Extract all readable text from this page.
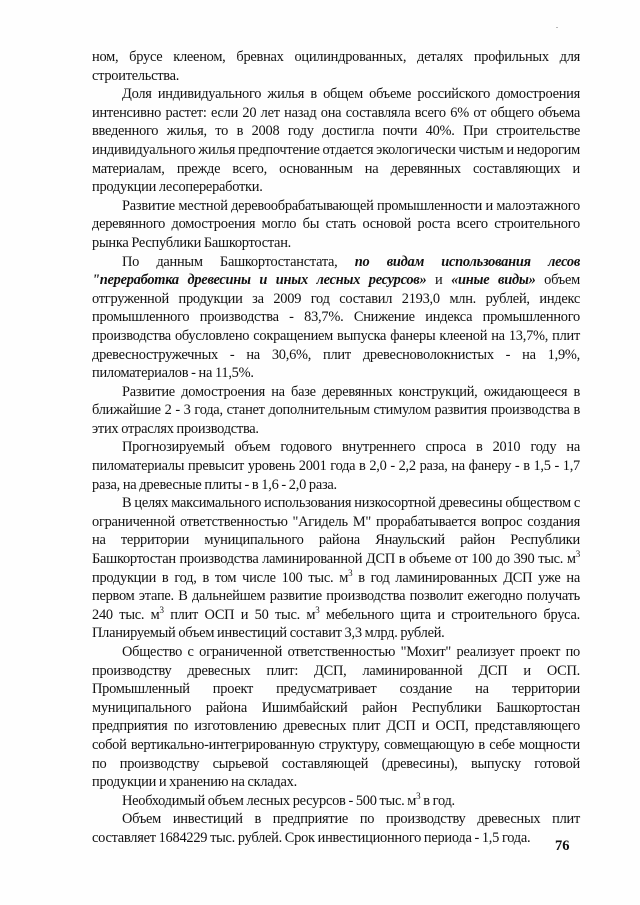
ном, брусе клееном, бревнах оцилиндрованных, деталях профильных для строительства.

Доля индивидуального жилья в общем объеме российского домостроения интенсивно растет: если 20 лет назад она составляла всего 6% от общего объема введенного жилья, то в 2008 году достигла почти 40%. При строительстве индивидуального жилья предпочтение отдается экологически чистым и недорогим материалам, прежде всего, основанным на деревянных составляющих и продукции лесопереработки.

Развитие местной деревообрабатывающей промышленности и малоэтажного деревянного домостроения могло бы стать основой роста всего строительного рынка Республики Башкортостан.

По данным Башкортостанстата, по видам использования лесов "переработка древесины и иных лесных ресурсов» и «иные виды» объем отгруженной продукции за 2009 год составил 2193,0 млн. рублей, индекс промышленного производства - 83,7%. Снижение индекса промышленного производства обусловлено сокращением выпуска фанеры клееной на 13,7%, плит древесностружечных - на 30,6%, плит древесноволокнистых - на 1,9%, пиломатериалов - на 11,5%.

Развитие домостроения на базе деревянных конструкций, ожидающееся в ближайшие 2 - 3 года, станет дополнительным стимулом развития производства в этих отраслях производства.

Прогнозируемый объем годового внутреннего спроса в 2010 году на пиломатериалы превысит уровень 2001 года в 2,0 - 2,2 раза, на фанеру - в 1,5 - 1,7 раза, на древесные плиты - в 1,6 - 2,0 раза.

В целях максимального использования низкосортной древесины обществом с ограниченной ответственностью "Агидель М" прорабатывается вопрос создания на территории муниципального района Янаульский район Республики Башкортостан производства ламинированной ДСП в объеме от 100 до 390 тыс. $м^3$ продукции в год, в том числе 100 тыс. $м^3$ в год ламинированных ДСП уже на первом этапе. В дальнейшем развитие производства позволит ежегодно получать 240 тыс. $м^3$ плит ОСП и 50 тыс. $м^3$ мебельного щита и строительного бруса. Планируемый объем инвестиций составит 3,3 млрд. рублей.

Общество с ограниченной ответственностью "Мохит" реализует проект по производству древесных плит: ДСП, ламинированной ДСП и ОСП. Промышленный проект предусматривает создание на территории муниципального района Ишимбайский район Республики Башкортостан предприятия по изготовлению древесных плит ДСП и ОСП, представляющего собой вертикально-интегрированную структуру, совмещающую в себе мощности по производству сырьевой составляющей (древесины), выпуску готовой продукции и хранению на складах.

Необходимый объем лесных ресурсов - 500 тыс. $м^3$ в год.

Объем инвестиций в предприятие по производству древесных плит составляет 1684229 тыс. рублей. Срок инвестиционного периода - 1,5 года.

76
